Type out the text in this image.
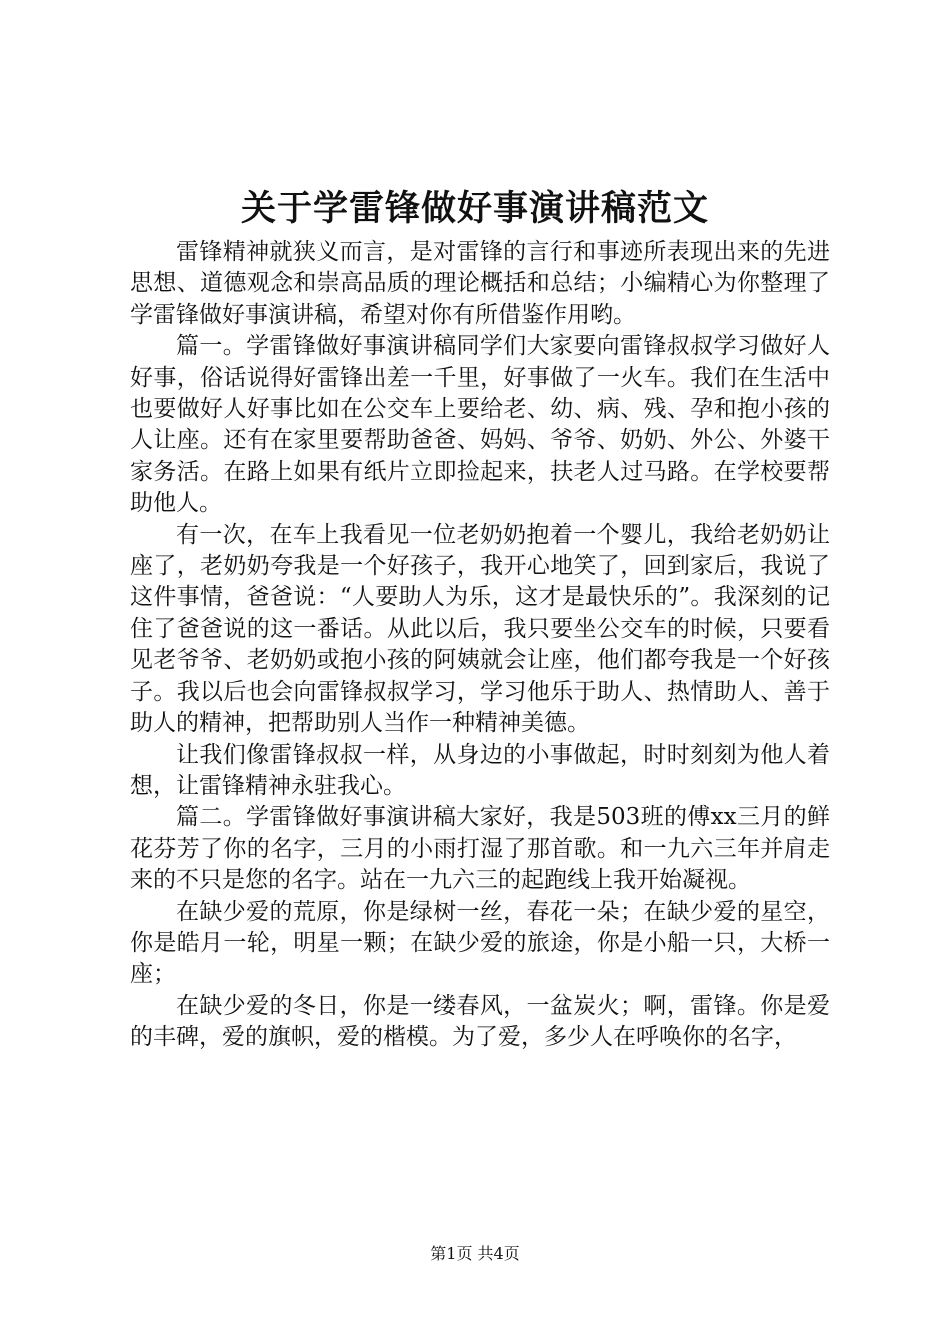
关于学雷锋做好事演讲稿范文

雷锋精神就狭义而言，是对雷锋的言行和事迹所表现出来的先进思想、道德观念和崇高品质的理论概括和总结；小编精心为你整理了学雷锋做好事演讲稿，希望对你有所借鉴作用哟。

篇一。学雷锋做好事演讲稿同学们大家要向雷锋叔叔学习做好人好事，俗话说得好雷锋出差一千里，好事做了一火车。我们在生活中也要做好人好事比如在公交车上要给老、幼、病、残、孕和抱小孩的人让座。还有在家里要帮助爸爸、妈妈、爷爷、奶奶、外公、外婆干家务活。在路上如果有纸片立即捡起来，扶老人过马路。在学校要帮助他人。

有一次，在车上我看见一位老奶奶抱着一个婴儿，我给老奶奶让座了，老奶奶夸我是一个好孩子，我开心地笑了，回到家后，我说了这件事情，爸爸说：“人要助人为乐，这才是最快乐的”。我深刻的记住了爸爸说的这一番话。从此以后，我只要坐公交车的时候，只要看见老爷爷、老奶奶或抱小孩的阿姨就会让座，他们都夸我是一个好孩子。我以后也会向雷锋叔叔学习，学习他乐于助人、热情助人、善于助人的精神，把帮助别人当作一种精神美德。

让我们像雷锋叔叔一样，从身边的小事做起，时时刻刻为他人着想，让雷锋精神永驻我心。

篇二。学雷锋做好事演讲稿大家好，我是503班的傅xx三月的鲜花芬芳了你的名字，三月的小雨打湿了那首歌。和一九六三年并肩走来的不只是您的名字。站在一九六三的起跑线上我开始凝视。

在缺少爱的荒原，你是绿树一丝，春花一朵；在缺少爱的星空，你是皓月一轮，明星一颗；在缺少爱的旅途，你是小船一只，大桥一座；

在缺少爱的冬日，你是一缕春风，一盆炭火；啊，雷锋。你是爱的丰碑，爱的旗帜，爱的楷模。为了爱，多少人在呼唤你的名字，

第1页 共4页
